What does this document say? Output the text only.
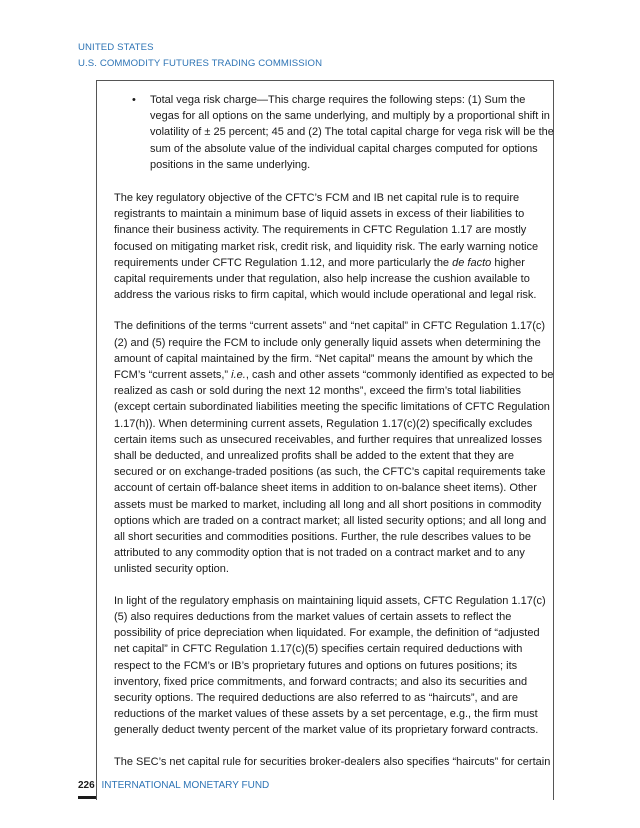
UNITED STATES
U.S. COMMODITY FUTURES TRADING COMMISSION
• Total vega risk charge—This charge requires the following steps: (1) Sum the vegas for all options on the same underlying, and multiply by a proportional shift in volatility of ± 25 percent; 45 and (2) The total capital charge for vega risk will be the sum of the absolute value of the individual capital charges computed for options positions in the same underlying.

The key regulatory objective of the CFTC’s FCM and IB net capital rule is to require registrants to maintain a minimum base of liquid assets in excess of their liabilities to finance their business activity. The requirements in CFTC Regulation 1.17 are mostly focused on mitigating market risk, credit risk, and liquidity risk. The early warning notice requirements under CFTC Regulation 1.12, and more particularly the de facto higher capital requirements under that regulation, also help increase the cushion available to address the various risks to firm capital, which would include operational and legal risk.

The definitions of the terms “current assets” and “net capital” in CFTC Regulation 1.17(c)(2) and (5) require the FCM to include only generally liquid assets when determining the amount of capital maintained by the firm. “Net capital” means the amount by which the FCM’s “current assets,” i.e., cash and other assets “commonly identified as expected to be realized as cash or sold during the next 12 months”, exceed the firm’s total liabilities (except certain subordinated liabilities meeting the specific limitations of CFTC Regulation 1.17(h)). When determining current assets, Regulation 1.17(c)(2) specifically excludes certain items such as unsecured receivables, and further requires that unrealized losses shall be deducted, and unrealized profits shall be added to the extent that they are secured or on exchange-traded positions (as such, the CFTC’s capital requirements take account of certain off-balance sheet items in addition to on-balance sheet items). Other assets must be marked to market, including all long and all short positions in commodity options which are traded on a contract market; all listed security options; and all long and all short securities and commodities positions. Further, the rule describes values to be attributed to any commodity option that is not traded on a contract market and to any unlisted security option.

In light of the regulatory emphasis on maintaining liquid assets, CFTC Regulation 1.17(c)(5) also requires deductions from the market values of certain assets to reflect the possibility of price depreciation when liquidated. For example, the definition of “adjusted net capital” in CFTC Regulation 1.17(c)(5) specifies certain required deductions with respect to the FCM’s or IB’s proprietary futures and options on futures positions; its inventory, fixed price commitments, and forward contracts; and also its securities and security options. The required deductions are also referred to as “haircuts”, and are reductions of the market values of these assets by a set percentage, e.g., the firm must generally deduct twenty percent of the market value of its proprietary forward contracts.

The SEC’s net capital rule for securities broker-dealers also specifies “haircuts” for certain

226 INTERNATIONAL MONETARY FUND
